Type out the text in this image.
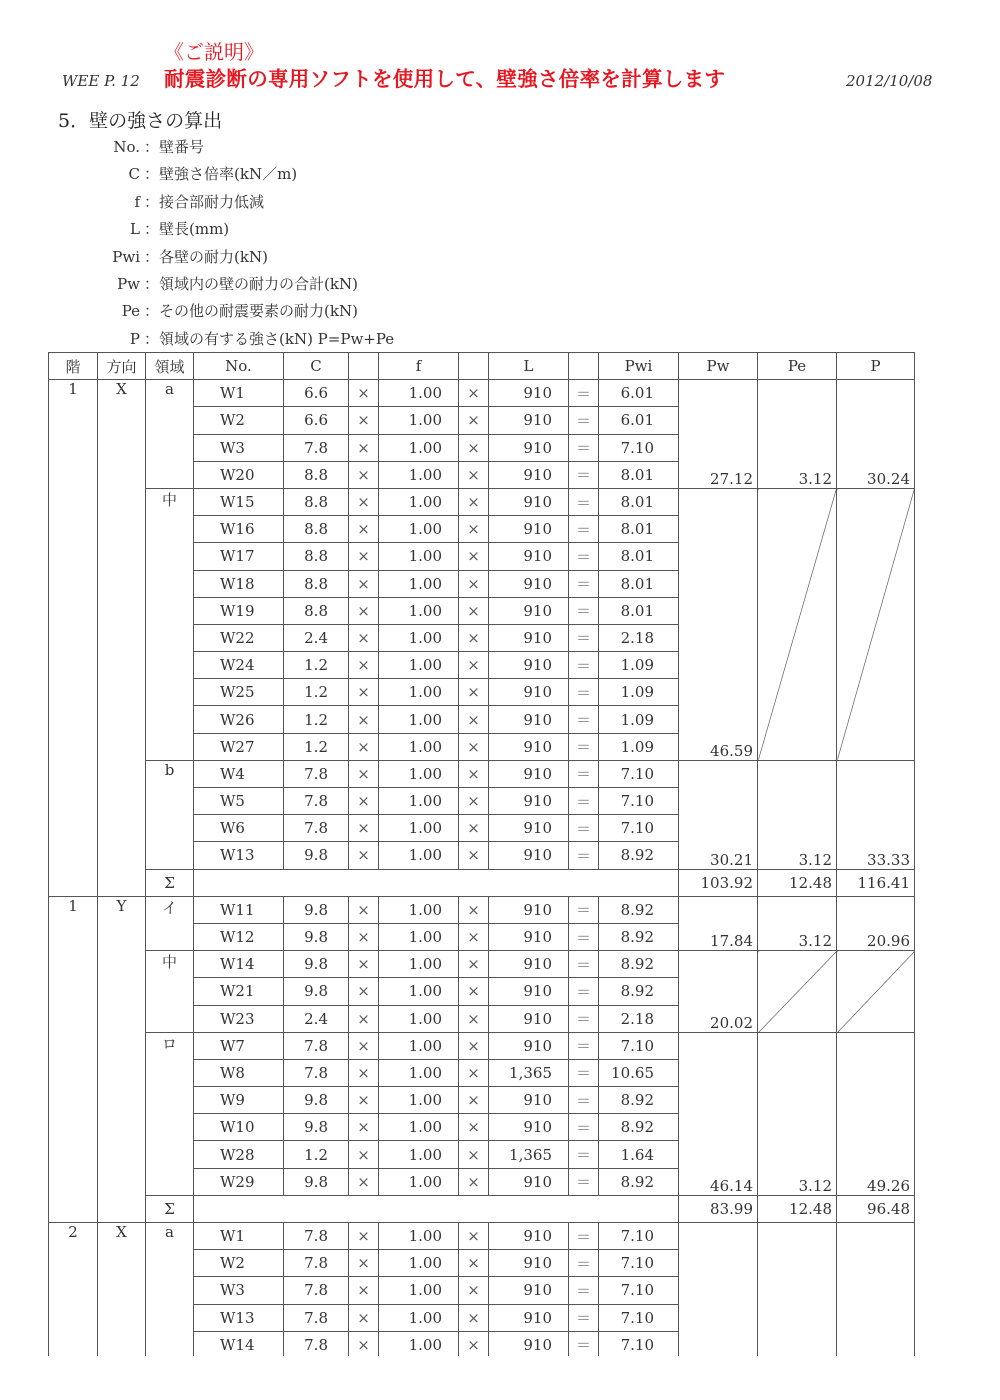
WEE P. 12
《ご説明》
耐震診断の専用ソフトを使用して、壁強さ倍率を計算します	2012/10/08
5．壁の強さの算出
No. ：壁番号
C ：壁強さ倍率(kN／m)
f ：接合部耐力低減
L ：壁長(mm)
Pwi ：各壁の耐力(kN)
Pw ：領域内の壁の耐力の合計(kN)
Pe ：その他の耐震要素の耐力(kN)
P ：領域の有する強さ(kN) P=Pw+Pe
階	方向	領域	No.	C		f		L		Pwi	Pw	Pe	P
1	X	a	W1	6.6	×	1.00	×	910	＝	6.01	27.12	3.12	30.24
			W2	6.6	×	1.00	×	910	＝	6.01			
			W3	7.8	×	1.00	×	910	＝	7.10			
			W20	8.8	×	1.00	×	910	＝	8.01			
		中	W15	8.8	×	1.00	×	910	＝	8.01	46.59		
			W16	8.8	×	1.00	×	910	＝	8.01			
			W17	8.8	×	1.00	×	910	＝	8.01			
			W18	8.8	×	1.00	×	910	＝	8.01			
			W19	8.8	×	1.00	×	910	＝	8.01			
			W22	2.4	×	1.00	×	910	＝	2.18			
			W24	1.2	×	1.00	×	910	＝	1.09			
			W25	1.2	×	1.00	×	910	＝	1.09			
			W26	1.2	×	1.00	×	910	＝	1.09			
			W27	1.2	×	1.00	×	910	＝	1.09			
		b	W4	7.8	×	1.00	×	910	＝	7.10	30.21	3.12	33.33
			W5	7.8	×	1.00	×	910	＝	7.10			
			W6	7.8	×	1.00	×	910	＝	7.10			
			W13	9.8	×	1.00	×	910	＝	8.92			
		Σ									103.92	12.48	116.41
1	Y	イ	W11	9.8	×	1.00	×	910	＝	8.92	17.84	3.12	20.96
			W12	9.8	×	1.00	×	910	＝	8.92			
		中	W14	9.8	×	1.00	×	910	＝	8.92	20.02		
			W21	9.8	×	1.00	×	910	＝	8.92			
			W23	2.4	×	1.00	×	910	＝	2.18			
		ロ	W7	7.8	×	1.00	×	910	＝	7.10	46.14	3.12	49.26
			W8	7.8	×	1.00	×	1,365	＝	10.65			
			W9	9.8	×	1.00	×	910	＝	8.92			
			W10	9.8	×	1.00	×	910	＝	8.92			
			W28	1.2	×	1.00	×	1,365	＝	1.64			
			W29	9.8	×	1.00	×	910	＝	8.92			
		Σ									83.99	12.48	96.48
2	X	a	W1	7.8	×	1.00	×	910	＝	7.10			
			W2	7.8	×	1.00	×	910	＝	7.10			
			W3	7.8	×	1.00	×	910	＝	7.10			
			W13	7.8	×	1.00	×	910	＝	7.10			
			W14	7.8	×	1.00	×	910	＝	7.10			
